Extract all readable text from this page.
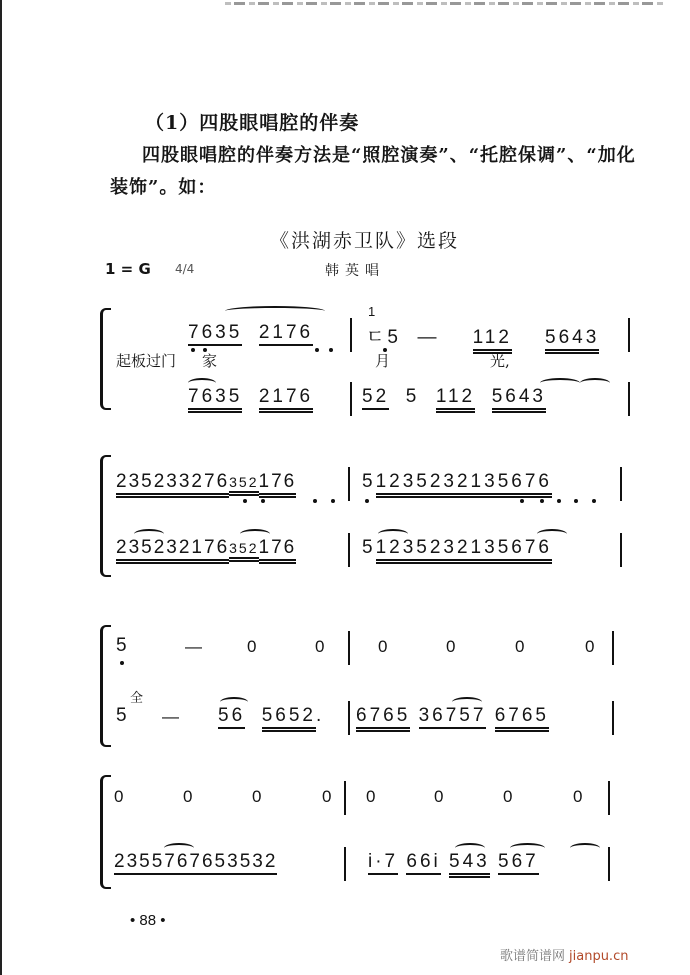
（1）四股眼唱腔的伴奏
四股眼唱腔的伴奏方法是“照腔演奏”、“托腔保调”、“加化装饰”。如：
《洪湖赤卫队》选段
1 = G 4/4	韩英唱
起板过门
7635 2176
1
ㄷ5  —    112 5643
家	月	光,
7635 2176	52  5  112 5643
235233276352176	51235232135676
235232176352176	51235232135676
5	—	0	0	0	0	0	0
全
5 — 56 5652. 6765 36757 6765
0	0	0	0 0	0	0	0
2355767653532	i·7 66i 543 567
• 88 •
歌谱简谱网 jianpu.cn
